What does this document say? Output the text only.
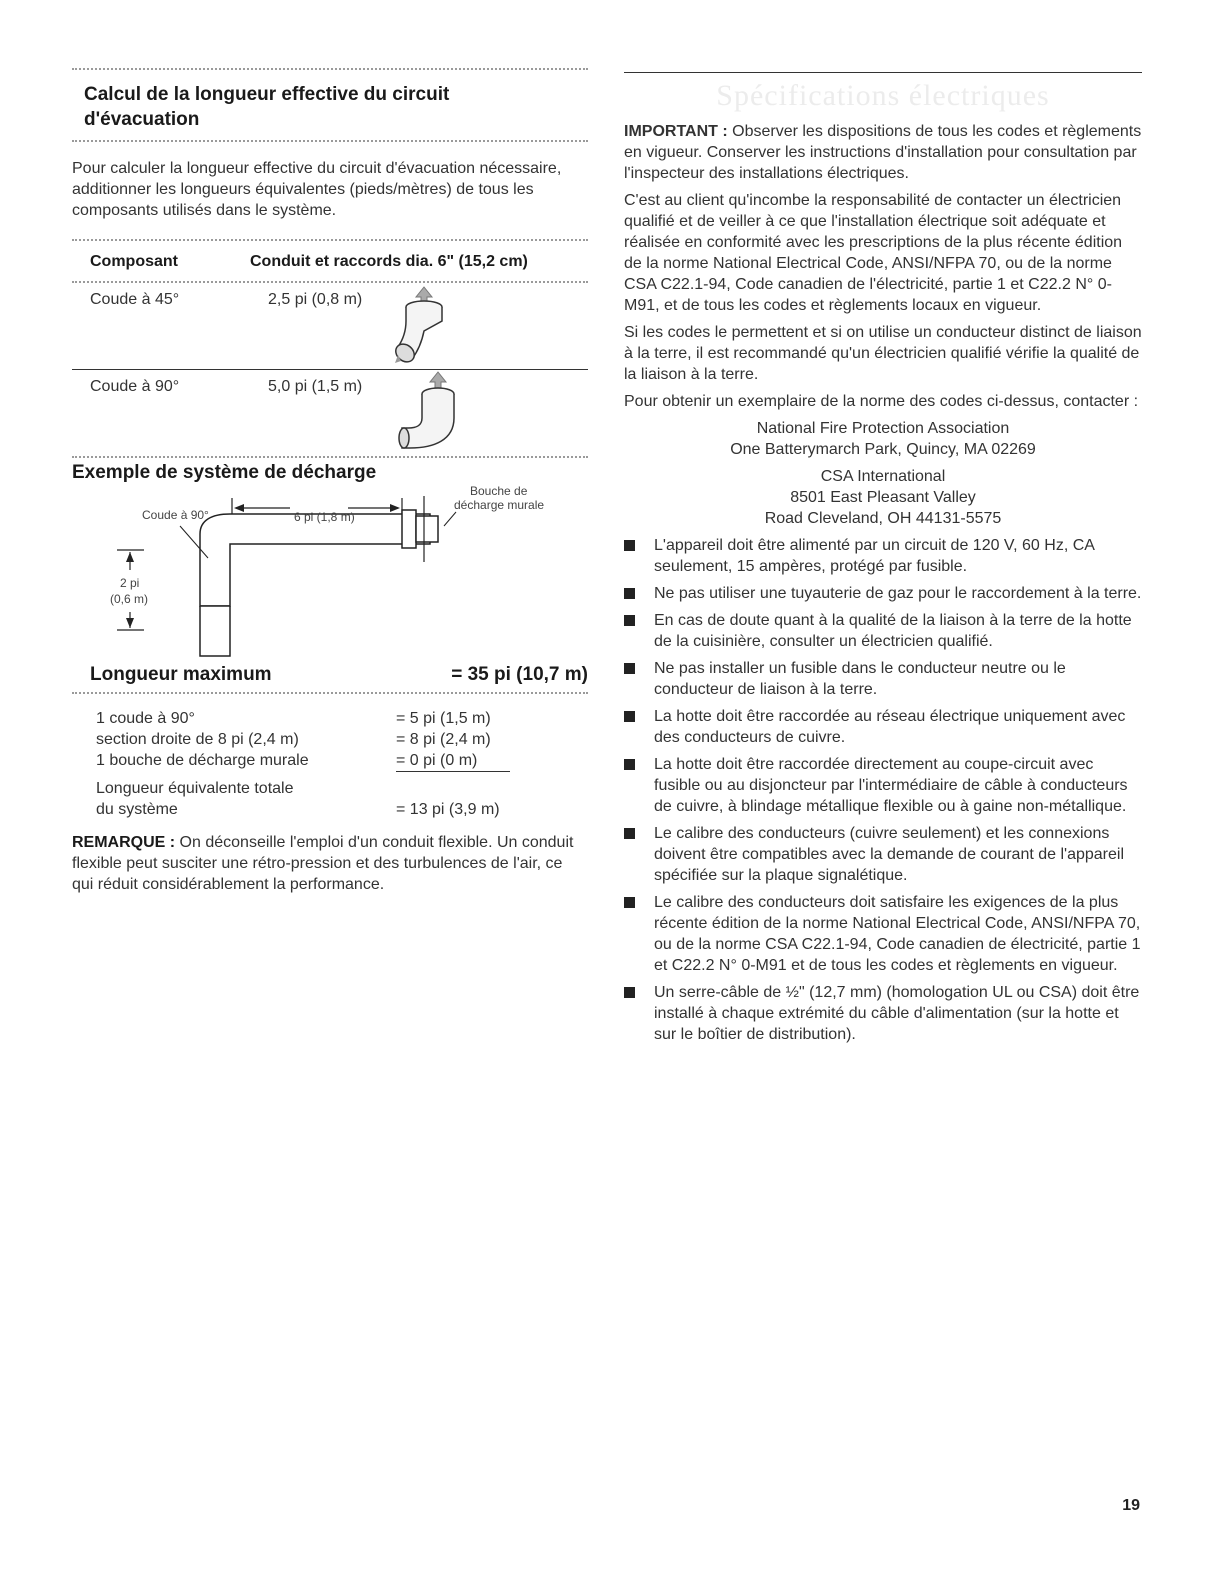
Calcul de la longueur effective du circuit
d'évacuation

Pour calculer la longueur effective du circuit d'évacuation nécessaire, additionner les longueurs équivalentes (pieds/mètres) de tous les composants utilisés dans le système.

Composant	Conduit et raccords dia. 6" (15,2 cm)
Coude à 45°	2,5 pi (0,8 m)
Coude à 90°	5,0 pi (1,5 m)
Exemple de système de décharge
Coude à 90°	6 pi (1,8 m)
2 pi
(0,6 m)
Bouche de
décharge murale
Longueur maximum	= 35 pi (10,7 m)
1 coude à 90°	= 5 pi (1,5 m)
section droite de 8 pi (2,4 m)	= 8 pi (2,4 m)
1 bouche de décharge murale	= 0 pi (0 m)
Longueur équivalente totale
du système	= 13 pi (3,9 m)

REMARQUE : On déconseille l'emploi d'un conduit flexible. Un conduit flexible peut susciter une rétro-pression et des turbulences de l'air, ce qui réduit considérablement la performance.

Spécifications électriques

IMPORTANT : Observer les dispositions de tous les codes et règlements en vigueur. Conserver les instructions d'installation pour consultation par l'inspecteur des installations électriques.

C'est au client qu'incombe la responsabilité de contacter un électricien qualifié et de veiller à ce que l'installation électrique soit adéquate et réalisée en conformité avec les prescriptions de la plus récente édition de la norme National Electrical Code, ANSI/NFPA 70, ou de la norme CSA C22.1-94, Code canadien de l'électricité, partie 1 et C22.2 N° 0-M91, et de tous les codes et règlements locaux en vigueur.

Si les codes le permettent et si on utilise un conducteur distinct de liaison à la terre, il est recommandé qu'un électricien qualifié vérifie la qualité de la liaison à la terre.

Pour obtenir un exemplaire de la norme des codes ci-dessus, contacter :

National Fire Protection Association
One Batterymarch Park, Quincy, MA 02269
CSA International
8501 East Pleasant Valley
Road Cleveland, OH 44131-5575
L'appareil doit être alimenté par un circuit de 120 V, 60 Hz, CA seulement, 15 ampères, protégé par fusible.
Ne pas utiliser une tuyauterie de gaz pour le raccordement à la terre.
En cas de doute quant à la qualité de la liaison à la terre de la hotte de la cuisinière, consulter un électricien qualifié.
Ne pas installer un fusible dans le conducteur neutre ou le conducteur de liaison à la terre.
La hotte doit être raccordée au réseau électrique uniquement avec des conducteurs de cuivre.
La hotte doit être raccordée directement au coupe-circuit avec fusible ou au disjoncteur par l'intermédiaire de câble à conducteurs de cuivre, à blindage métallique flexible ou à gaine non-métallique.
Le calibre des conducteurs (cuivre seulement) et les connexions doivent être compatibles avec la demande de courant de l'appareil spécifiée sur la plaque signalétique.
Le calibre des conducteurs doit satisfaire les exigences de la plus récente édition de la norme National Electrical Code, ANSI/NFPA 70, ou de la norme CSA C22.1-94, Code canadien de électricité, partie 1 et C22.2 N° 0-M91 et de tous les codes et règlements en vigueur.
Un serre-câble de ½" (12,7 mm) (homologation UL ou CSA) doit être installé à chaque extrémité du câble d'alimentation (sur la hotte et sur le boîtier de distribution).
19
